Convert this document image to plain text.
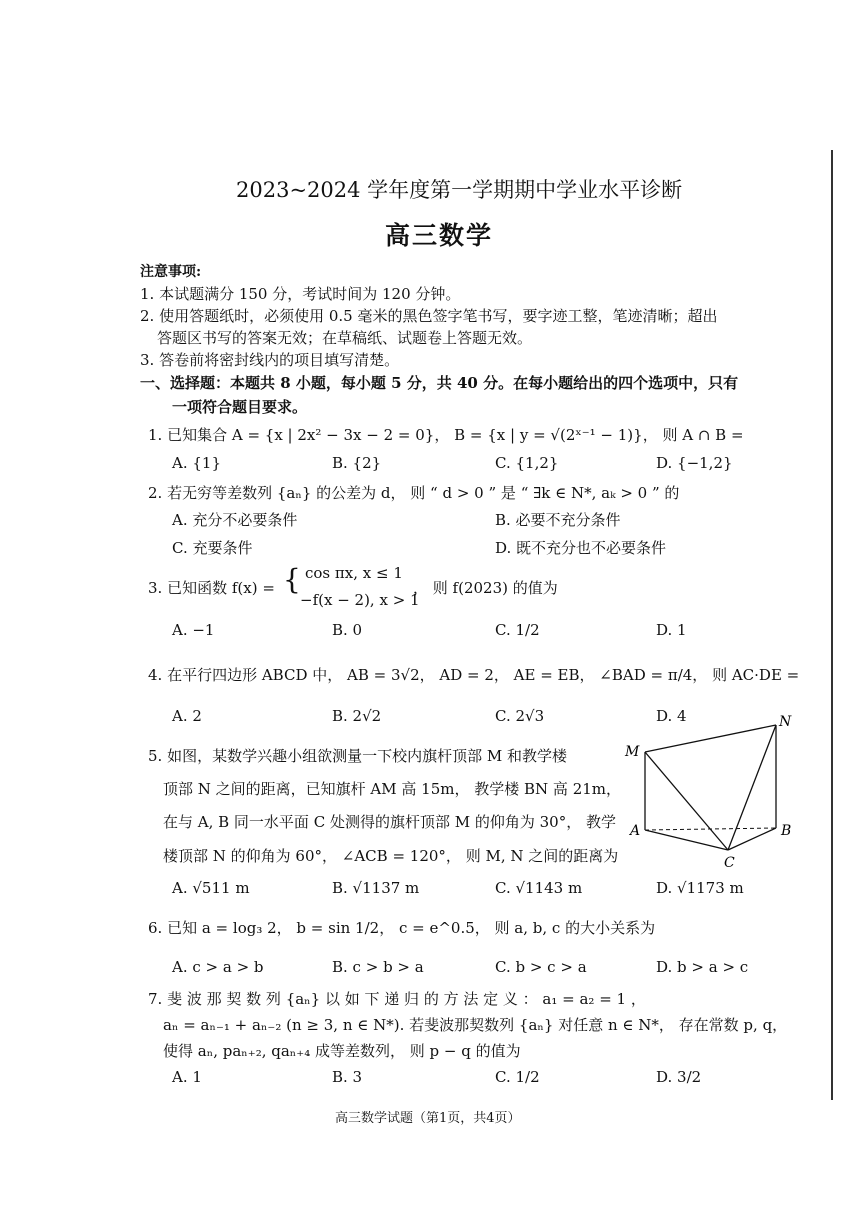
2023~2024 学年度第一学期期中学业水平诊断
高三数学
注意事项:
1. 本试题满分 150 分，考试时间为 120 分钟。
2. 使用答题纸时，必须使用 0.5 毫米的黑色签字笔书写，要字迹工整，笔迹清晰；超出
答题区书写的答案无效；在草稿纸、试题卷上答题无效。
3. 答卷前将密封线内的项目填写清楚。
一、选择题：本题共 8 小题，每小题 5 分，共 40 分。在每小题给出的四个选项中，只有
一项符合题目要求。
1. 已知集合 A = {x | 2x² − 3x − 2 = 0}， B = {x | y = √(2ˣ⁻¹ − 1)}， 则 A ∩ B =
A. {1}	B. {2}	C. {1,2}	D. {−1,2}
2. 若无穷等差数列 {aₙ} 的公差为 d， 则 “ d > 0 ” 是 “ ∃k ∈ N*, aₖ > 0 ” 的
A. 充分不必要条件	B. 必要不充分条件
C. 充要条件	D. 既不充分也不必要条件
3. 已知函数 f(x) = { cos πx, x ≤ 1
−f(x − 2), x > 1
， 则 f(2023) 的值为
A. −1	B. 0	C. 1/2	D. 1
4. 在平行四边形 ABCD 中， AB = 3√2， AD = 2， AE = EB， ∠BAD = π/4， 则 AC·DE =
A. 2	B. 2√2	C. 2√3	D. 4
5. 如图，某数学兴趣小组欲测量一下校内旗杆顶部 M 和教学楼
顶部 N 之间的距离，已知旗杆 AM 高 15m， 教学楼 BN 高 21m，
在与 A, B 同一水平面 C 处测得的旗杆顶部 M 的仰角为 30°， 教学
楼顶部 N 的仰角为 60°， ∠ACB = 120°， 则 M, N 之间的距离为
A. √511 m	B. √1137 m	C. √1143 m	D. √1173 m
M
N
A	B
C
6. 已知 a = log₃ 2， b = sin 1/2， c = e^0.5， 则 a, b, c 的大小关系为
A. c > a > b	B. c > b > a	C. b > c > a	D. b > a > c
7. 斐 波 那 契 数 列 {aₙ} 以 如 下 递 归 的 方 法 定 义 ： a₁ = a₂ = 1 ，
aₙ = aₙ₋₁ + aₙ₋₂ (n ≥ 3, n ∈ N*). 若斐波那契数列 {aₙ} 对任意 n ∈ N*， 存在常数 p, q，
使得 aₙ, paₙ₊₂, qaₙ₊₄ 成等差数列， 则 p − q 的值为
A. 1	B. 3	C. 1/2	D. 3/2
高三数学试题（第1页，共4页）
